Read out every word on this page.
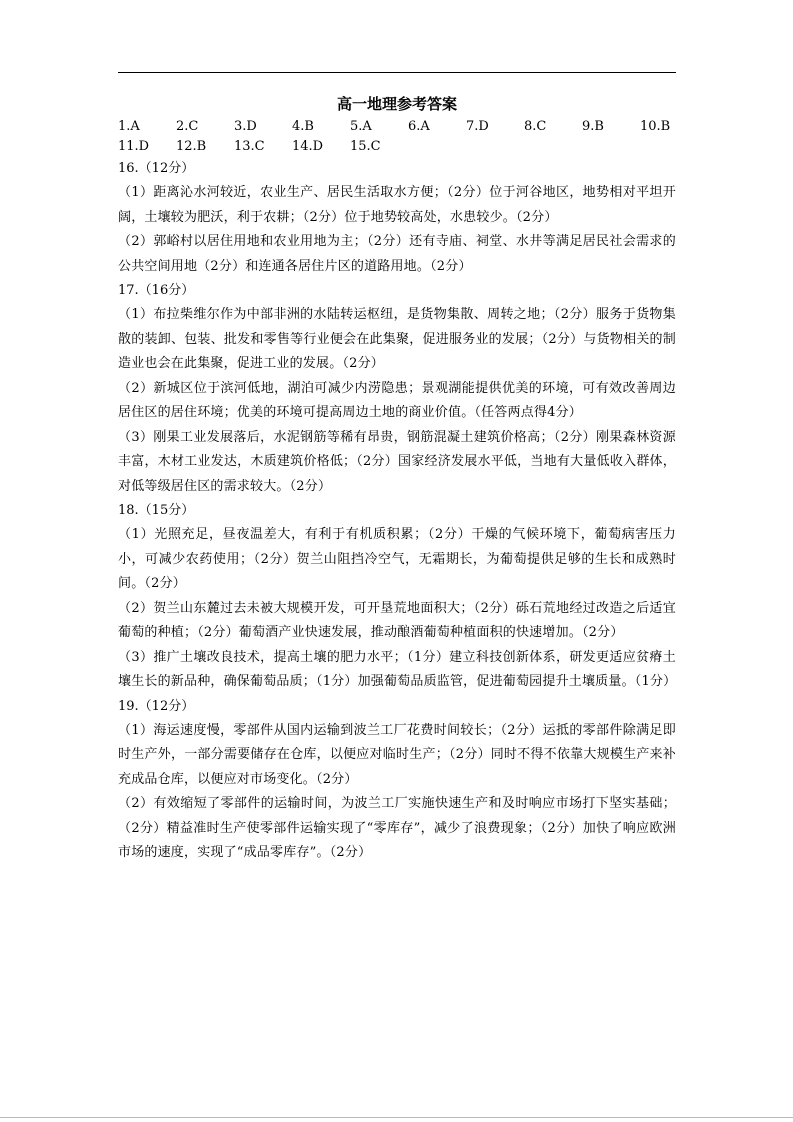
高一地理参考答案
1.A	2.C	3.D	4.B	5.A	6.A	7.D	8.C	9.B	10.B
11.D	12.B	13.C	14.D	15.C
16.（12分）
（1）距离沁水河较近，农业生产、居民生活取水方便；（2分）位于河谷地区，地势相对平坦开阔，土壤较为肥沃，利于农耕；（2分）位于地势较高处，水患较少。（2分）
（2）郭峪村以居住用地和农业用地为主；（2分）还有寺庙、祠堂、水井等满足居民社会需求的公共空间用地（2分）和连通各居住片区的道路用地。（2分）
17.（16分）
（1）布拉柴维尔作为中部非洲的水陆转运枢纽，是货物集散、周转之地；（2分）服务于货物集散的装卸、包装、批发和零售等行业便会在此集聚，促进服务业的发展；（2分）与货物相关的制造业也会在此集聚，促进工业的发展。（2分）
（2）新城区位于滨河低地，湖泊可减少内涝隐患；景观湖能提供优美的环境，可有效改善周边居住区的居住环境；优美的环境可提高周边土地的商业价值。（任答两点得4分）
（3）刚果工业发展落后，水泥钢筋等稀有昂贵，钢筋混凝土建筑价格高；（2分）刚果森林资源丰富，木材工业发达，木质建筑价格低；（2分）国家经济发展水平低，当地有大量低收入群体，对低等级居住区的需求较大。（2分）
18.（15分）
（1）光照充足，昼夜温差大，有利于有机质积累；（2分）干燥的气候环境下，葡萄病害压力小，可减少农药使用；（2分）贺兰山阻挡冷空气，无霜期长，为葡萄提供足够的生长和成熟时间。（2分）
（2）贺兰山东麓过去未被大规模开发，可开垦荒地面积大；（2分）砾石荒地经过改造之后适宜葡萄的种植；（2分）葡萄酒产业快速发展，推动酿酒葡萄种植面积的快速增加。（2分）
（3）推广土壤改良技术，提高土壤的肥力水平；（1分）建立科技创新体系，研发更适应贫瘠土壤生长的新品种，确保葡萄品质；（1分）加强葡萄品质监管，促进葡萄园提升土壤质量。（1分）
19.（12分）
（1）海运速度慢，零部件从国内运输到波兰工厂花费时间较长；（2分）运抵的零部件除满足即时生产外，一部分需要储存在仓库，以便应对临时生产；（2分）同时不得不依靠大规模生产来补充成品仓库，以便应对市场变化。（2分）
（2）有效缩短了零部件的运输时间，为波兰工厂实施快速生产和及时响应市场打下坚实基础；（2分）精益准时生产使零部件运输实现了“零库存”，减少了浪费现象；（2分）加快了响应欧洲市场的速度，实现了“成品零库存”。（2分）
